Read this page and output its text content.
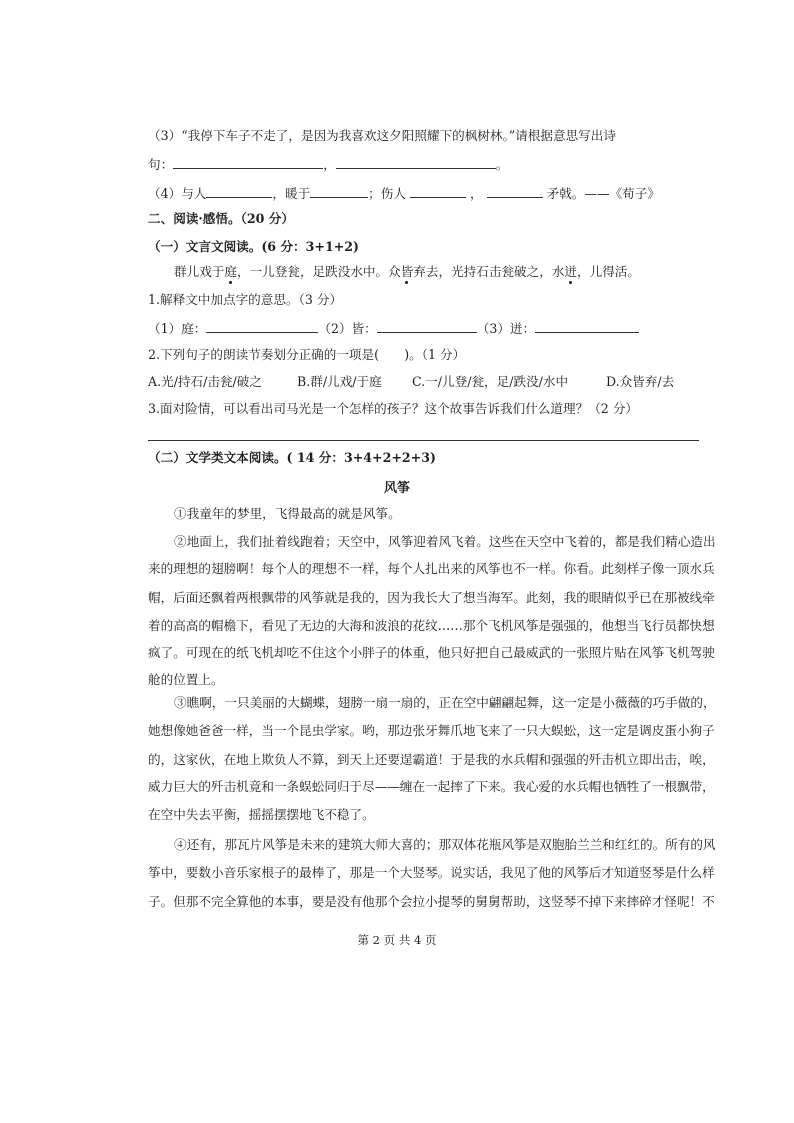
（3）“我停下车子不走了，是因为我喜欢这夕阳照耀下的枫树林。”请根据意思写出诗
句：	，	。
（4）与人	，暖于	；伤人	，	矛戟。——《荀子》
二、阅读·感悟。（20 分）
（一）文言文阅读。(6 分：3+1+2)
群儿戏于庭，一儿登瓮，足跌没水中。众皆弃去，光持石击瓮破之，水迸，儿得活。
1.解释文中加点字的意思。（3 分）
（1）庭：	（2）皆：	（3）迸：
2.下列句子的朗读节奏划分正确的一项是(　　)。（1 分）
A.光/持石/击瓮/破之	B.群/儿戏/于庭 C.一/儿登/瓮，足/跌没/水中	D.众皆弃/去
3.面对险情，可以看出司马光是一个怎样的孩子？这个故事告诉我们什么道理？（2 分）
（二）文学类文本阅读。( 14 分：3+4+2+2+3)
风筝
①我童年的梦里，飞得最高的就是风筝。
②地面上，我们扯着线跑着；天空中，风筝迎着风飞着。这些在天空中飞着的，都是我们精心造出
来的理想的翅膀啊！每个人的理想不一样，每个人扎出来的风筝也不一样。你看。此刻样子像一顶水兵
帽，后面还飘着两根飘带的风筝就是我的，因为我长大了想当海军。此刻，我的眼睛似乎已在那被线牵
着的高高的帽檐下，看见了无边的大海和波浪的花纹……那个飞机风筝是强强的，他想当飞行员都快想
疯了。可现在的纸飞机却吃不住这个小胖子的体重，他只好把自己最威武的一张照片贴在风筝飞机驾驶
舱的位置上。
③瞧啊，一只美丽的大蝴蝶，翅膀一扇一扇的，正在空中翩翩起舞，这一定是小薇薇的巧手做的，
她想像她爸爸一样，当一个昆虫学家。哟，那边张牙舞爪地飞来了一只大蜈蚣，这一定是调皮蛋小狗子
的，这家伙，在地上欺负人不算，到天上还要逞霸道！于是我的水兵帽和强强的歼击机立即出击，唉，
威力巨大的歼击机竟和一条蜈蚣同归于尽——缠在一起摔了下来。我心爱的水兵帽也牺牲了一根飘带，
在空中失去平衡，摇摇摆摆地飞不稳了。
④还有，那瓦片风筝是未来的建筑大师大喜的；那双体花瓶风筝是双胞胎兰兰和红红的。所有的风
筝中，要数小音乐家根子的最棒了，那是一个大竖琴。说实话，我见了他的风筝后才知道竖琴是什么样
子。但那不完全算他的本事，要是没有他那个会拉小提琴的舅舅帮助，这竖琴不掉下来摔碎才怪呢！不
第 2 页 共 4 页
